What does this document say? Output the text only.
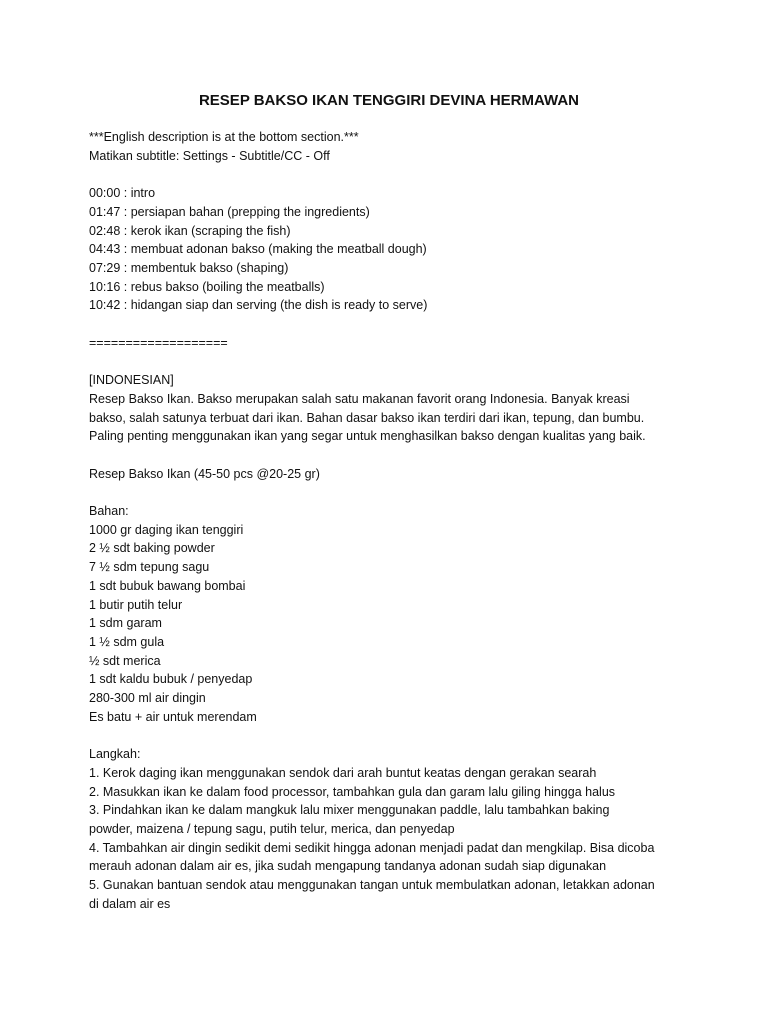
RESEP BAKSO IKAN TENGGIRI DEVINA HERMAWAN
***English description is at the bottom section.***
Matikan subtitle: Settings - Subtitle/CC - Off
00:00 : intro
01:47 : persiapan bahan (prepping the ingredients)
02:48 : kerok ikan (scraping the fish)
04:43 : membuat adonan bakso (making the meatball dough)
07:29 : membentuk bakso (shaping)
10:16 : rebus bakso (boiling the meatballs)
10:42 : hidangan siap dan serving (the dish is ready to serve)
===================
[INDONESIAN]
Resep Bakso Ikan. Bakso merupakan salah satu makanan favorit orang Indonesia. Banyak kreasi
bakso, salah satunya terbuat dari ikan. Bahan dasar bakso ikan terdiri dari ikan, tepung, dan bumbu.
Paling penting menggunakan ikan yang segar untuk menghasilkan bakso dengan kualitas yang baik.
Resep Bakso Ikan (45-50 pcs @20-25 gr)
Bahan:
1000 gr daging ikan tenggiri
2 ½ sdt baking powder
7 ½ sdm tepung sagu
1 sdt bubuk bawang bombai
1 butir putih telur
1 sdm garam
1 ½ sdm gula
½ sdt merica
1 sdt kaldu bubuk / penyedap
280-300 ml air dingin
Es batu + air untuk merendam
Langkah:
1. Kerok daging ikan menggunakan sendok dari arah buntut keatas dengan gerakan searah
2. Masukkan ikan ke dalam food processor, tambahkan gula dan garam lalu giling hingga halus
3. Pindahkan ikan ke dalam mangkuk lalu mixer menggunakan paddle, lalu tambahkan baking
powder, maizena / tepung sagu, putih telur, merica, dan penyedap
4. Tambahkan air dingin sedikit demi sedikit hingga adonan menjadi padat dan mengkilap. Bisa dicoba
merauh adonan dalam air es, jika sudah mengapung tandanya adonan sudah siap digunakan
5. Gunakan bantuan sendok atau menggunakan tangan untuk membulatkan adonan, letakkan adonan
di dalam air es
